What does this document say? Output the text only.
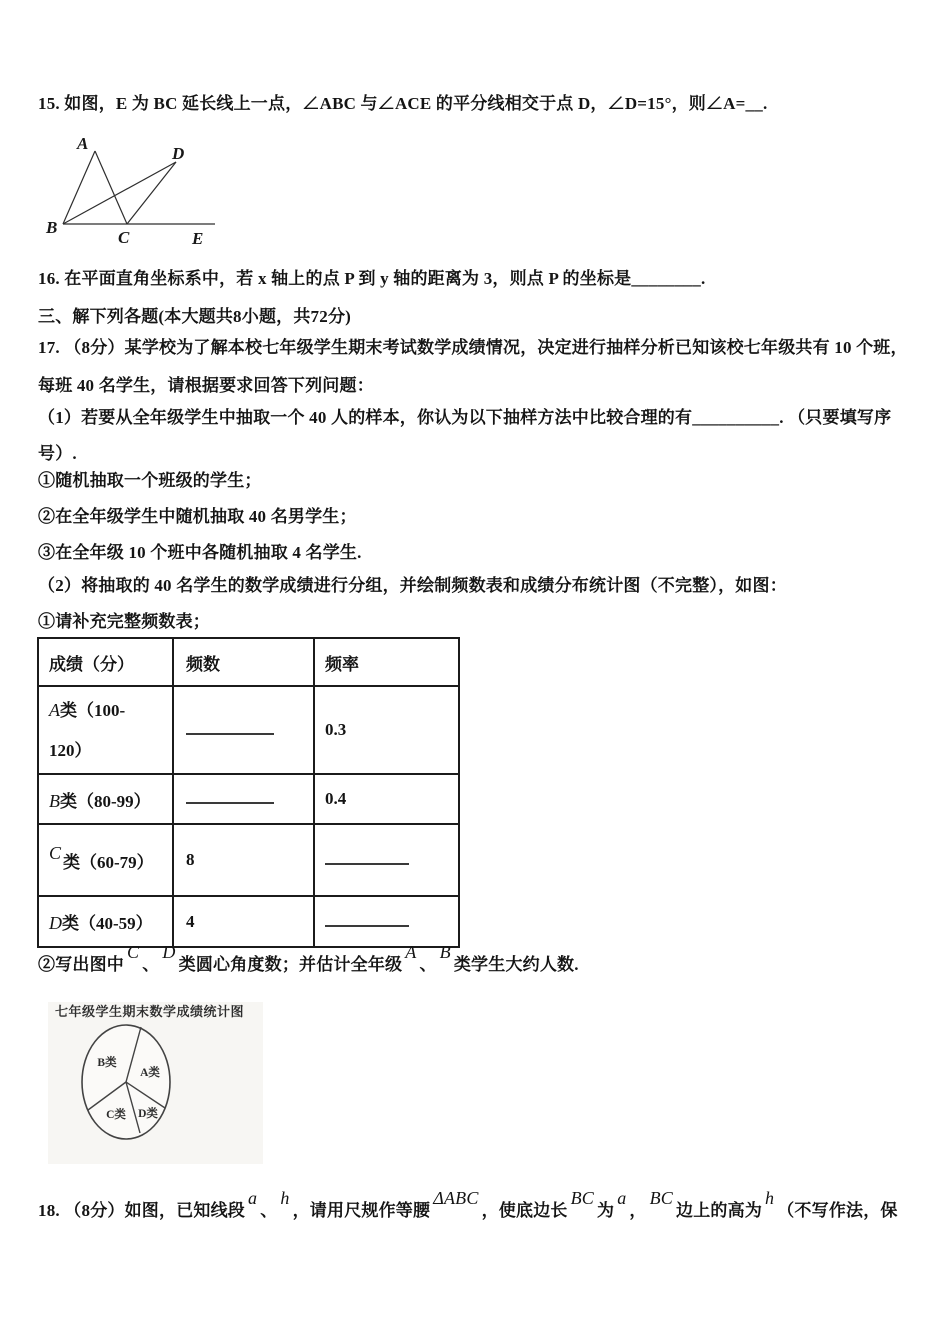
15. 如图，E 为 BC 延长线上一点，∠ABC 与∠ACE 的平分线相交于点 D，∠D=15°，则∠A=__.
A
B
C
D
E
16. 在平面直角坐标系中，若 x 轴上的点 P 到 y 轴的距离为 3，则点 P 的坐标是________.
三、解下列各题(本大题共8小题，共72分)
17. （8分）某学校为了解本校七年级学生期末考试数学成绩情况，决定进行抽样分析已知该校七年级共有 10 个班，
每班 40 名学生，请根据要求回答下列问题：
（1）若要从全年级学生中抽取一个 40 人的样本，你认为以下抽样方法中比较合理的有__________. （只要填写序
号）.
①随机抽取一个班级的学生；
②在全年级学生中随机抽取 40 名男学生；
③在全年级 10 个班中各随机抽取 4 名学生.
（2）将抽取的 40 名学生的数学成绩进行分组，并绘制频数表和成绩分布统计图（不完整），如图：
①请补充完整频数表；
成绩（分）	频数	频率
A类（100-
120）		0.3
B类（80-99）		0.4
C 类（60-79）	8	
D类（40-59）	4	
②写出图中C、D类圆心角度数；并估计全年级A、B类学生大约人数.
七年级学生期末数学成绩统计图
B类
A类
C类 D类
18. （8分）如图，已知线段a、h，请用尺规作等腰ΔABC，使底边长BC为a，BC边上的高为h（不写作法，保
